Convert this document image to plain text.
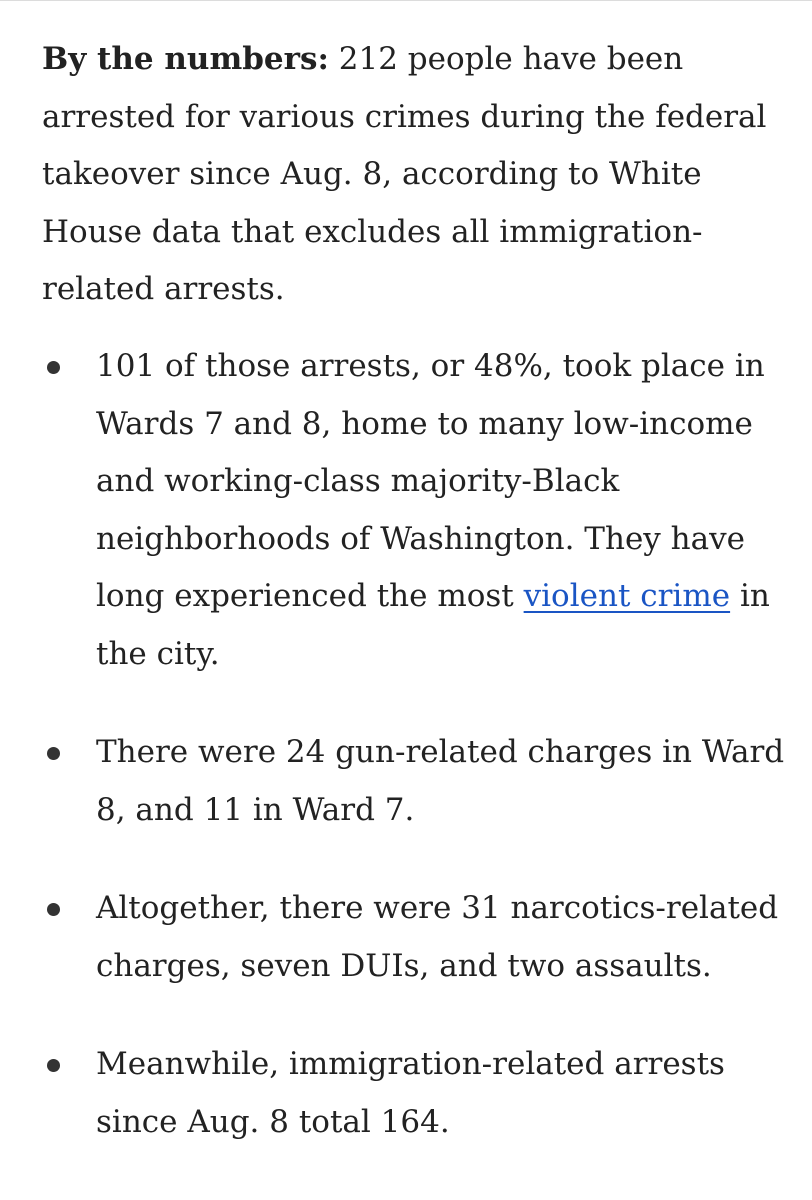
By the numbers: 212 people have been arrested for various crimes during the federal takeover since Aug. 8, according to White House data that excludes all immigration-related arrests.

101 of those arrests, or 48%, took place in Wards 7 and 8, home to many low-income and working-class majority-Black neighborhoods of Washington. They have long experienced the most violent crime in the city.
There were 24 gun-related charges in Ward 8, and 11 in Ward 7.
Altogether, there were 31 narcotics-related charges, seven DUIs, and two assaults.
Meanwhile, immigration-related arrests since Aug. 8 total 164.
